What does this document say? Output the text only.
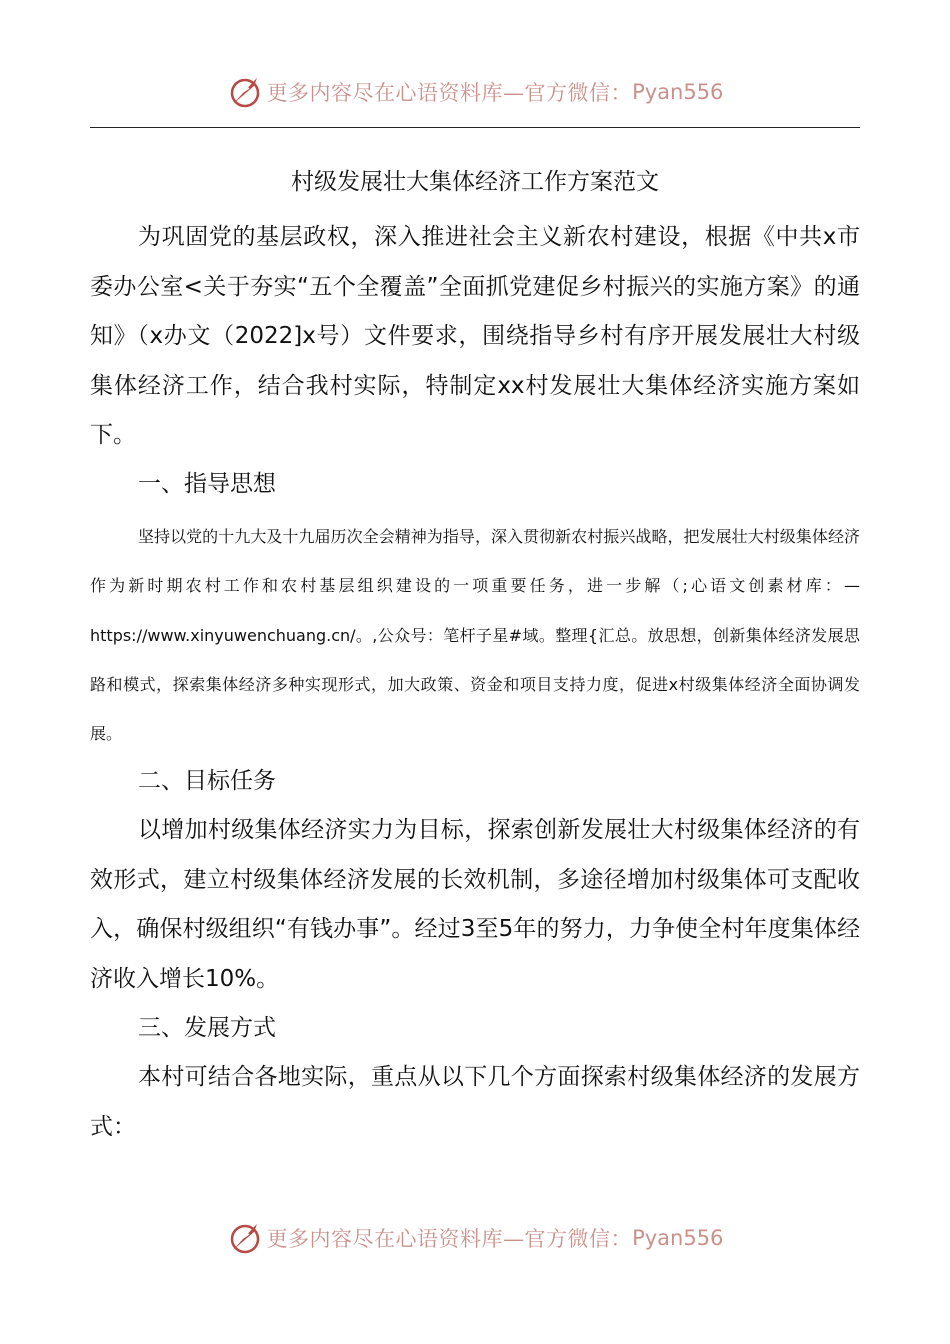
更多内容尽在心语资料库—官方微信： Pyan556
村级发展壮大集体经济工作方案范文

为巩固党的基层政权，深入推进社会主义新农村建设，根据《中共x市委办公室<关于夯实“五个全覆盖”全面抓党建促乡村振兴的实施方案》的通知》（x办文（2022]x号）文件要求，围绕指导乡村有序开展发展壮大村级集体经济工作，结合我村实际，特制定xx村发展壮大集体经济实施方案如下。

一、指导思想

坚持以党的十九大及十九届历次全会精神为指导，深入贯彻新农村振兴战略，把发展壮大村级集体经济作为新时期农村工作和农村基层组织建设的一项重要任务，进一步解（;心语文创素材库：—https://www.xinyuwenchuang.cn/。,公众号：笔杆子星#域。整理{汇总。放思想，创新集体经济发展思路和模式，探索集体经济多种实现形式，加大政策、资金和项目支持力度，促进x村级集体经济全面协调发展。

二、目标任务

以增加村级集体经济实力为目标，探索创新发展壮大村级集体经济的有效形式，建立村级集体经济发展的长效机制，多途径增加村级集体可支配收入，确保村级组织“有钱办事”。经过3至5年的努力，力争使全村年度集体经济收入增长10%。

三、发展方式

本村可结合各地实际，重点从以下几个方面探索村级集体经济的发展方式：

更多内容尽在心语资料库—官方微信： Pyan556
